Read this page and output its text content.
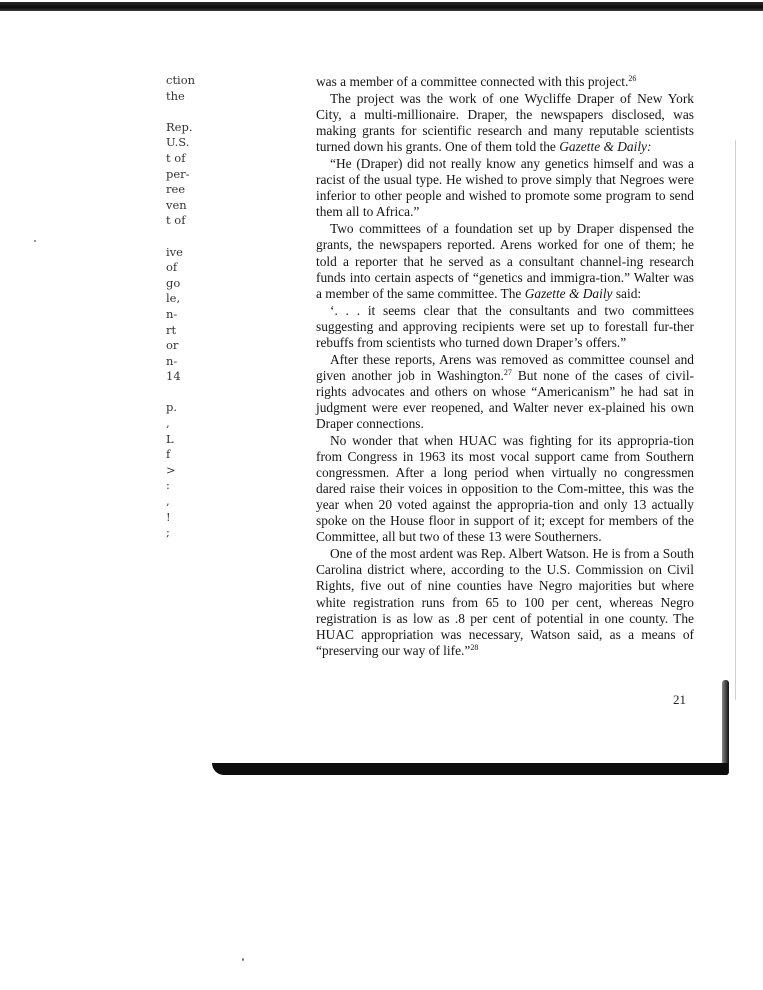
ction
the
Rep.
U.S.
t of
per-
ree
ven
t of
ive
of
go
le,
n-
rt
or
n-
14
p.
,
L
f
>
:
,
!
;

was a member of a committee connected with this project.$^{26}$

The project was the work of one Wycliffe Draper of New York City, a multi-millionaire. Draper, the newspapers disclosed, was making grants for scientific research and many reputable scientists turned down his grants. One of them told the Gazette & Daily:

“He (Draper) did not really know any genetics himself and was a racist of the usual type. He wished to prove simply that Negroes were inferior to other people and wished to promote some program to send them all to Africa.”

Two committees of a foundation set up by Draper dispensed the grants, the newspapers reported. Arens worked for one of them; he told a reporter that he served as a consultant channel-ing research funds into certain aspects of “genetics and immigra-tion.” Walter was a member of the same committee. The Gazette & Daily said:

‘. . . it seems clear that the consultants and two committees suggesting and approving recipients were set up to forestall fur-ther rebuffs from scientists who turned down Draper’s offers.”

After these reports, Arens was removed as committee counsel and given another job in Washington.$^{27}$ But none of the cases of civil-rights advocates and others on whose “Americanism” he had sat in judgment were ever reopened, and Walter never ex-plained his own Draper connections.

No wonder that when HUAC was fighting for its appropria-tion from Congress in 1963 its most vocal support came from Southern congressmen. After a long period when virtually no congressmen dared raise their voices in opposition to the Com-mittee, this was the year when 20 voted against the appropria-tion and only 13 actually spoke on the House floor in support of it; except for members of the Committee, all but two of these 13 were Southerners.

One of the most ardent was Rep. Albert Watson. He is from a South Carolina district where, according to the U.S. Commission on Civil Rights, five out of nine counties have Negro majorities but where white registration runs from 65 to 100 per cent, whereas Negro registration is as low as .8 per cent of potential in one county. The HUAC appropriation was necessary, Watson said, as a means of “preserving our way of life.”$^{28}$

21
